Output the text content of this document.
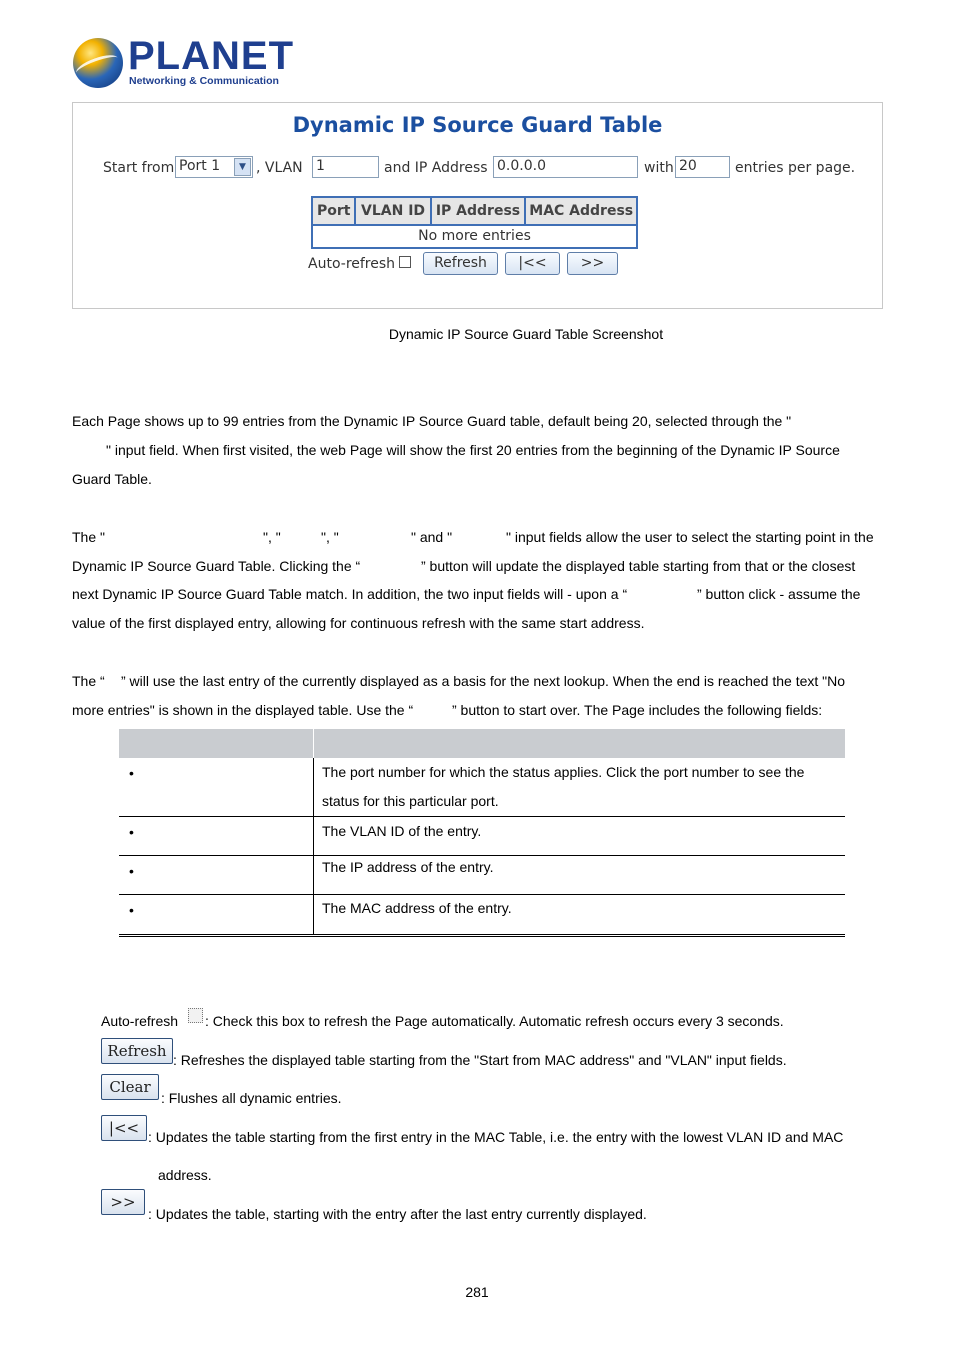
PLANET
Networking & Communication
Dynamic IP Source Guard Table
Start from Port 1	▼ , VLAN 1	and IP Address 0.0.0.0	with 20	entries per page.
Port VLAN ID IP Address MAC Address
No more entries
Auto-refresh	Refresh	|<<	>>
Dynamic IP Source Guard Table Screenshot
Each Page shows up to 99 entries from the Dynamic IP Source Guard table, default being 20, selected through the "
" input field. When first visited, the web Page will show the first 20 entries from the beginning of the Dynamic IP Source
Guard Table.
The "	", "	", "	" and "	" input fields allow the user to select the starting point in the
Dynamic IP Source Guard Table. Clicking the “	” button will update the displayed table starting from that or the closest
next Dynamic IP Source Guard Table match. In addition, the two input fields will - upon a “	” button click - assume the
value of the first displayed entry, allowing for continuous refresh with the same start address.
The “ ” will use the last entry of the currently displayed as a basis for the next lookup. When the end is reached the text "No
more entries" is shown in the displayed table. Use the “	” button to start over. The Page includes the following fields:
•	The port number for which the status applies. Click the port number to see the
status for this particular port.
•	The VLAN ID of the entry.
•	The IP address of the entry.
•	The MAC address of the entry.
Auto-refresh : Check this box to refresh the Page automatically. Automatic refresh occurs every 3 seconds.
Refresh : Refreshes the displayed table starting from the "Start from MAC address" and "VLAN" input fields.
Clear
: Flushes all dynamic entries.
|<< : Updates the table starting from the first entry in the MAC Table, i.e. the entry with the lowest VLAN ID and MAC
address.
>>
: Updates the table, starting with the entry after the last entry currently displayed.
281
